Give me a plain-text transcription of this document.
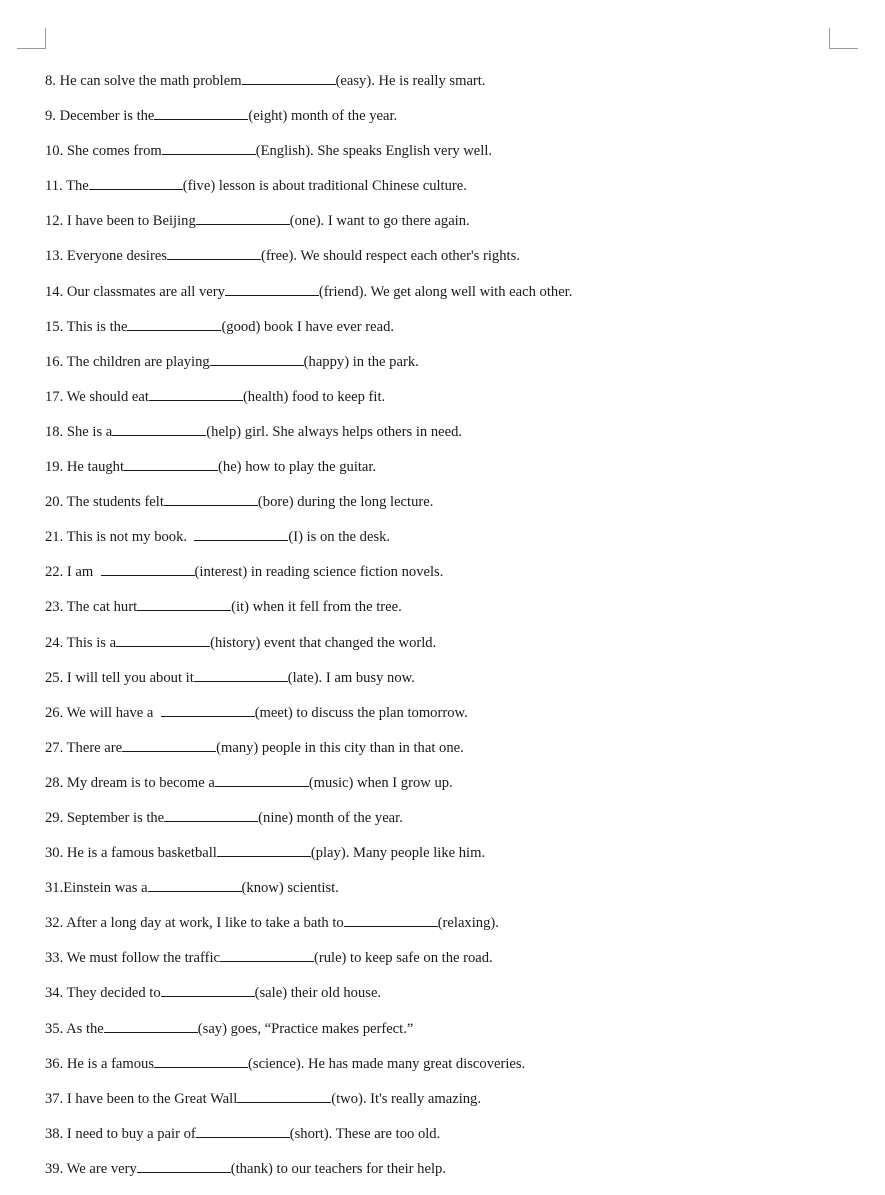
8. He can solve the math problem	(easy). He is really smart.
9. December is the	(eight) month of the year.
10. She comes from	(English). She speaks English very well.
11. The	(five) lesson is about traditional Chinese culture.
12. I have been to Beijing	(one). I want to go there again.
13. Everyone desires	(free). We should respect each other's rights.
14. Our classmates are all very	(friend). We get along well with each other.
15. This is the	(good) book I have ever read.
16. The children are playing	(happy) in the park.
17. We should eat	(health) food to keep fit.
18. She is a	(help) girl. She always helps others in need.
19. He taught	(he) how to play the guitar.
20. The students felt	(bore) during the long lecture.
21. This is not my book.	(I) is on the desk.
22. I am	(interest) in reading science fiction novels.
23. The cat hurt	(it) when it fell from the tree.
24. This is a	(history) event that changed the world.
25. I will tell you about it	(late). I am busy now.
26. We will have a	(meet) to discuss the plan tomorrow.
27. There are	(many) people in this city than in that one.
28. My dream is to become a	(music) when I grow up.
29. September is the	(nine) month of the year.
30. He is a famous basketball	(play). Many people like him.
31.Einstein was a	(know) scientist.
32. After a long day at work, I like to take a bath to	(relaxing).
33. We must follow the traffic	(rule) to keep safe on the road.
34. They decided to	(sale) their old house.
35. As the	(say) goes, “Practice makes perfect.”
36. He is a famous	(science). He has made many great discoveries.
37. I have been to the Great Wall	(two). It's really amazing.
38. I need to buy a pair of	(short). These are too old.
39. We are very	(thank) to our teachers for their help.
